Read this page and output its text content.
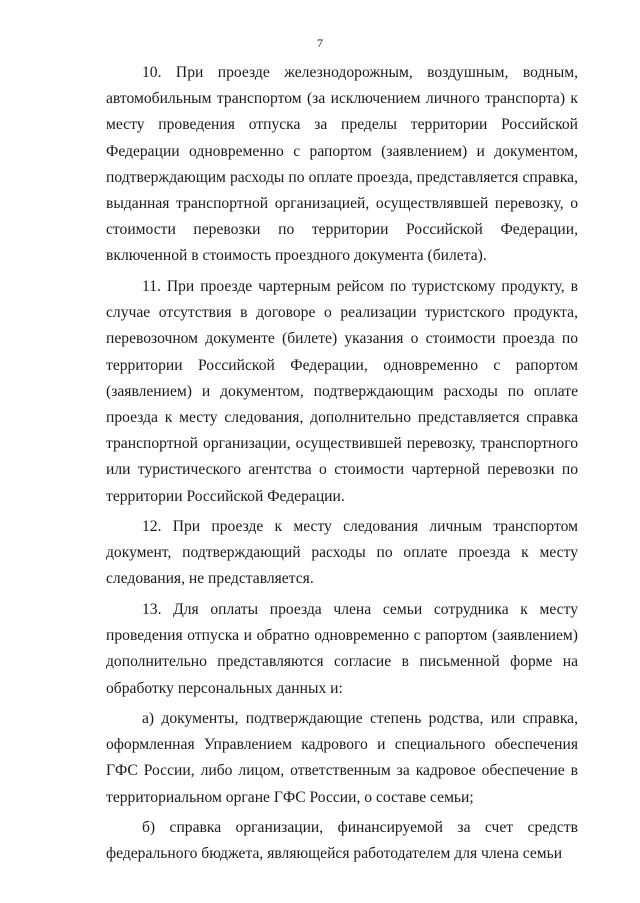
7

10. При проезде железнодорожным, воздушным, водным, автомобильным транспортом (за исключением личного транспорта) к месту проведения отпуска за пределы территории Российской Федерации одновременно с рапортом (заявлением) и документом, подтверждающим расходы по оплате проезда, представляется справка, выданная транспортной организацией, осуществлявшей перевозку, о стоимости перевозки по территории Российской Федерации, включенной в стоимость проездного документа (билета).

11. При проезде чартерным рейсом по туристскому продукту, в случае отсутствия в договоре о реализации туристского продукта, перевозочном документе (билете) указания о стоимости проезда по территории Российской Федерации, одновременно с рапортом (заявлением) и документом, подтверждающим расходы по оплате проезда к месту следования, дополнительно представляется справка транспортной организации, осуществившей перевозку, транспортного или туристического агентства о стоимости чартерной перевозки по территории Российской Федерации.

12. При проезде к месту следования личным транспортом документ, подтверждающий расходы по оплате проезда к месту следования, не представляется.

13. Для оплаты проезда члена семьи сотрудника к месту проведения отпуска и обратно одновременно с рапортом (заявлением) дополнительно представляются согласие в письменной форме на обработку персональных данных и:

а) документы, подтверждающие степень родства, или справка, оформленная Управлением кадрового и специального обеспечения ГФС России, либо лицом, ответственным за кадровое обеспечение в территориальном органе ГФС России, о составе семьи;

б) справка организации, финансируемой за счет средств федерального бюджета, являющейся работодателем для члена семьи
